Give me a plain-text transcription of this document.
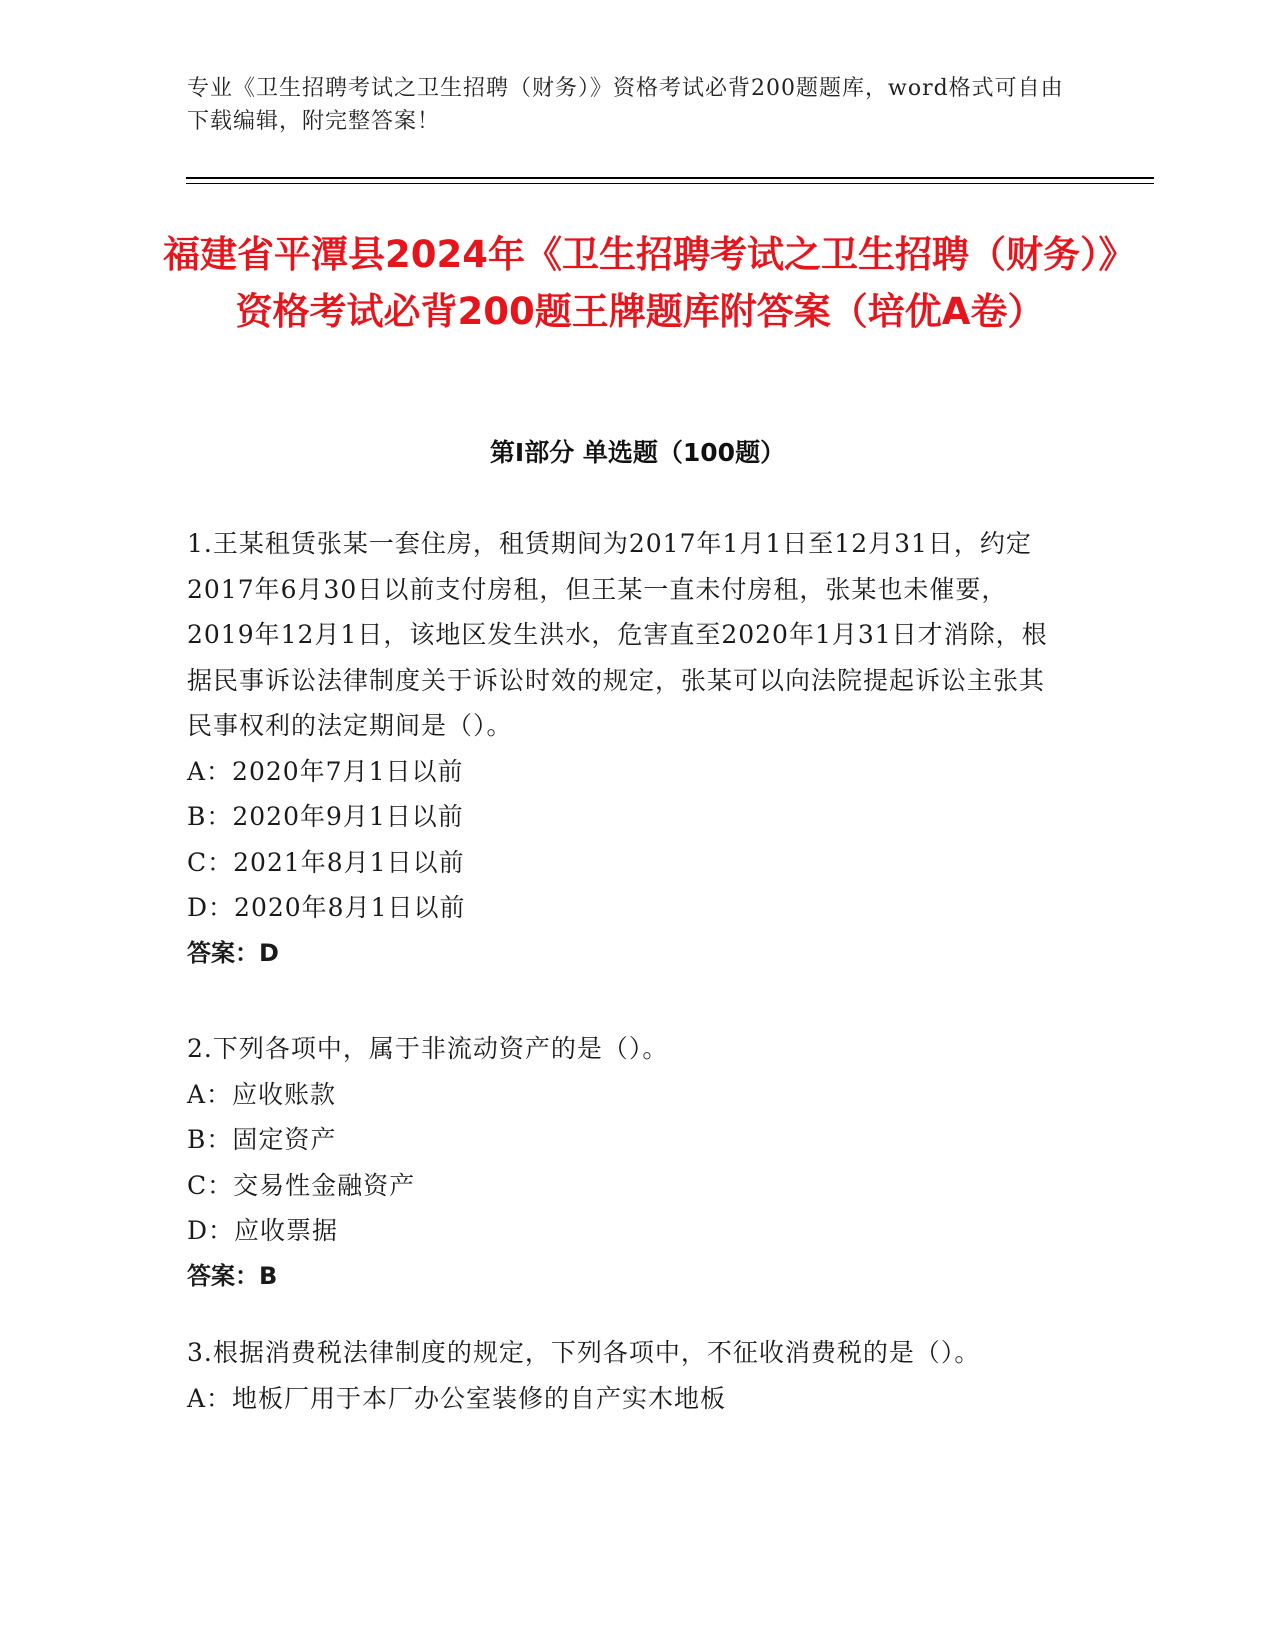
专业《卫生招聘考试之卫生招聘（财务）》资格考试必背200题题库，word格式可自由下载编辑，附完整答案！
福建省平潭县2024年《卫生招聘考试之卫生招聘（财务）》资格考试必背200题王牌题库附答案（培优A卷）
第Ⅰ部分 单选题（100题）
1.王某租赁张某一套住房，租赁期间为2017年1月1日至12月31日，约定2017年6月30日以前支付房租，但王某一直未付房租，张某也未催要，2019年12月1日，该地区发生洪水，危害直至2020年1月31日才消除，根据民事诉讼法律制度关于诉讼时效的规定，张某可以向法院提起诉讼主张其民事权利的法定期间是（）。
A：2020年7月1日以前
B：2020年9月1日以前
C：2021年8月1日以前
D：2020年8月1日以前
答案：D
2.下列各项中，属于非流动资产的是（）。
A：应收账款
B：固定资产
C：交易性金融资产
D：应收票据
答案：B
3.根据消费税法律制度的规定，下列各项中，不征收消费税的是（）。
A：地板厂用于本厂办公室装修的自产实木地板
